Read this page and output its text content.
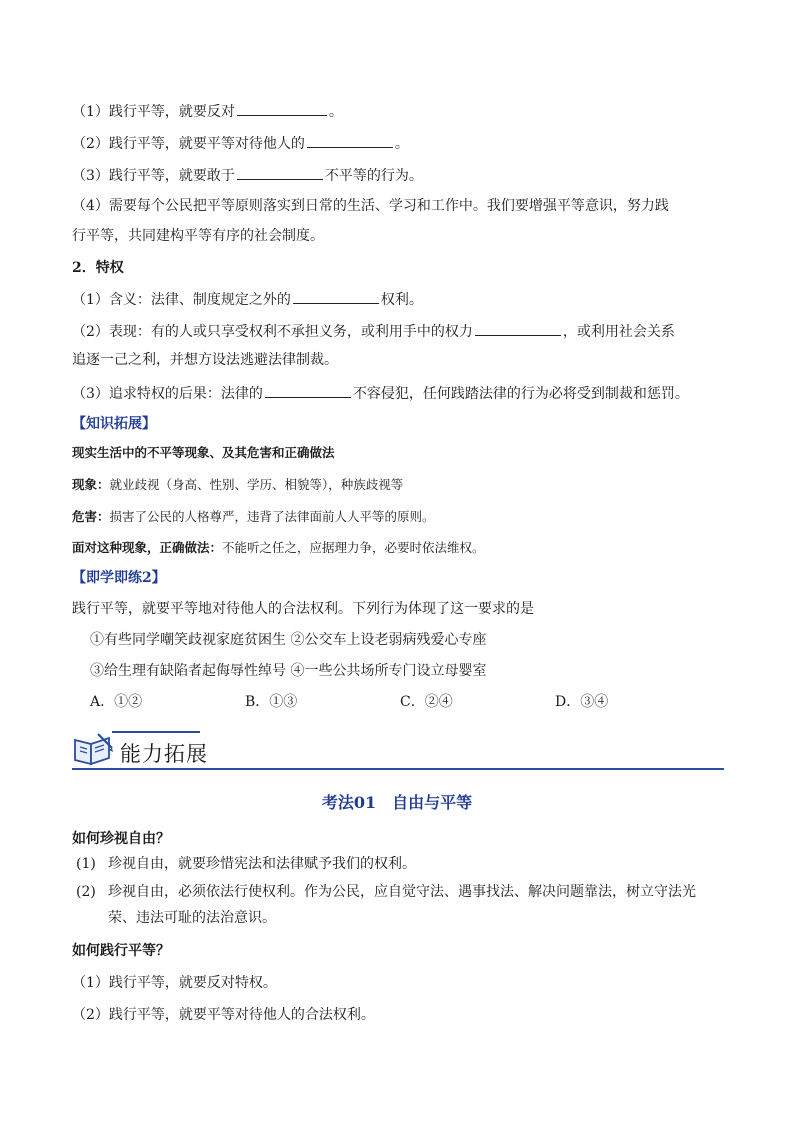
（1）践行平等，就要反对	。
（2）践行平等，就要平等对待他人的	。
（3）践行平等，就要敢于	不平等的行为。
（4）需要每个公民把平等原则落实到日常的生活、学习和工作中。我们要增强平等意识，努力践
行平等，共同建构平等有序的社会制度。
2．特权
（1）含义：法律、制度规定之外的	权利。
（2）表现：有的人或只享受权利不承担义务，或利用手中的权力	，或利用社会关系
追逐一己之利，并想方设法逃避法律制裁。
（3）追求特权的后果：法律的	不容侵犯，任何践踏法律的行为必将受到制裁和惩罚。
【知识拓展】
现实生活中的不平等现象、及其危害和正确做法
现象：就业歧视（身高、性别、学历、相貌等），种族歧视等
危害：损害了公民的人格尊严，违背了法律面前人人平等的原则。
面对这种现象，正确做法：不能听之任之，应据理力争，必要时依法维权。
【即学即练2】
践行平等，就要平等地对待他人的合法权利。下列行为体现了这一要求的是
①有些同学嘲笑歧视家庭贫困生 ②公交车上设老弱病残爱心专座
③给生理有缺陷者起侮辱性绰号 ④一些公共场所专门设立母婴室
A．①②	B．①③	C．②④	D．③④
能力拓展
考法01　自由与平等
如何珍视自由？
(1) 珍视自由，就要珍惜宪法和法律赋予我们的权利。
(2) 珍视自由，必须依法行使权利。作为公民，应自觉守法、遇事找法、解决问题靠法，树立守法光
荣、违法可耻的法治意识。
如何践行平等？
（1）践行平等，就要反对特权。
（2）践行平等，就要平等对待他人的合法权利。
